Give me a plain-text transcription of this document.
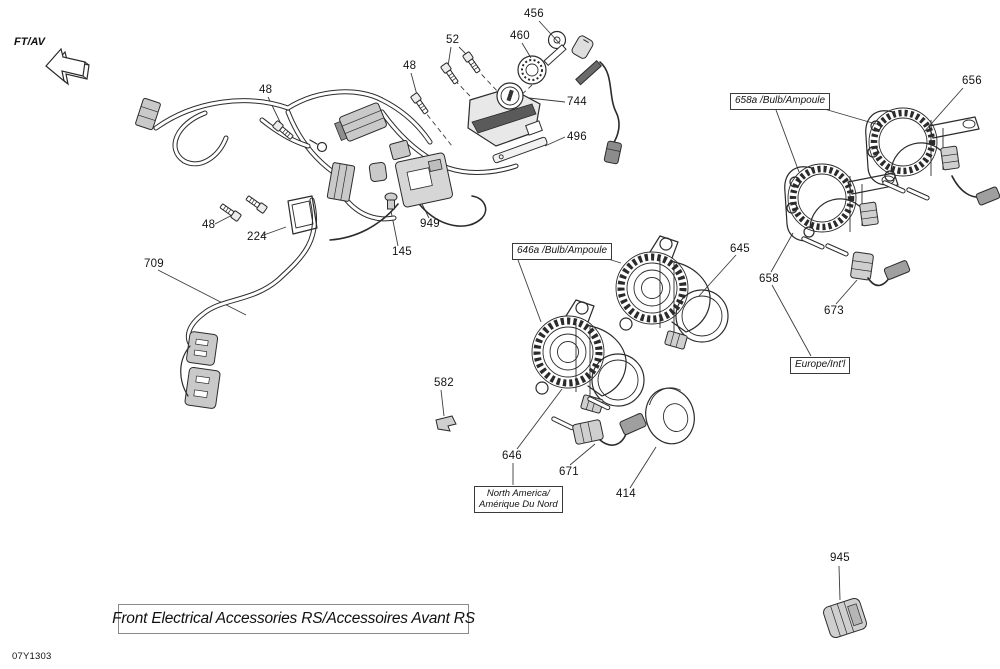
FT/AV
456
460
52
48
48
744
496
656
48
224
949
145
709
645
658
673
582
646
671
414
945
658a /Bulb/Ampoule
646a /Bulb/Ampoule
Europe/Int'l
North America/
Amérique Du Nord
Front Electrical Accessories RS/Accessoires Avant RS
07Y1303
